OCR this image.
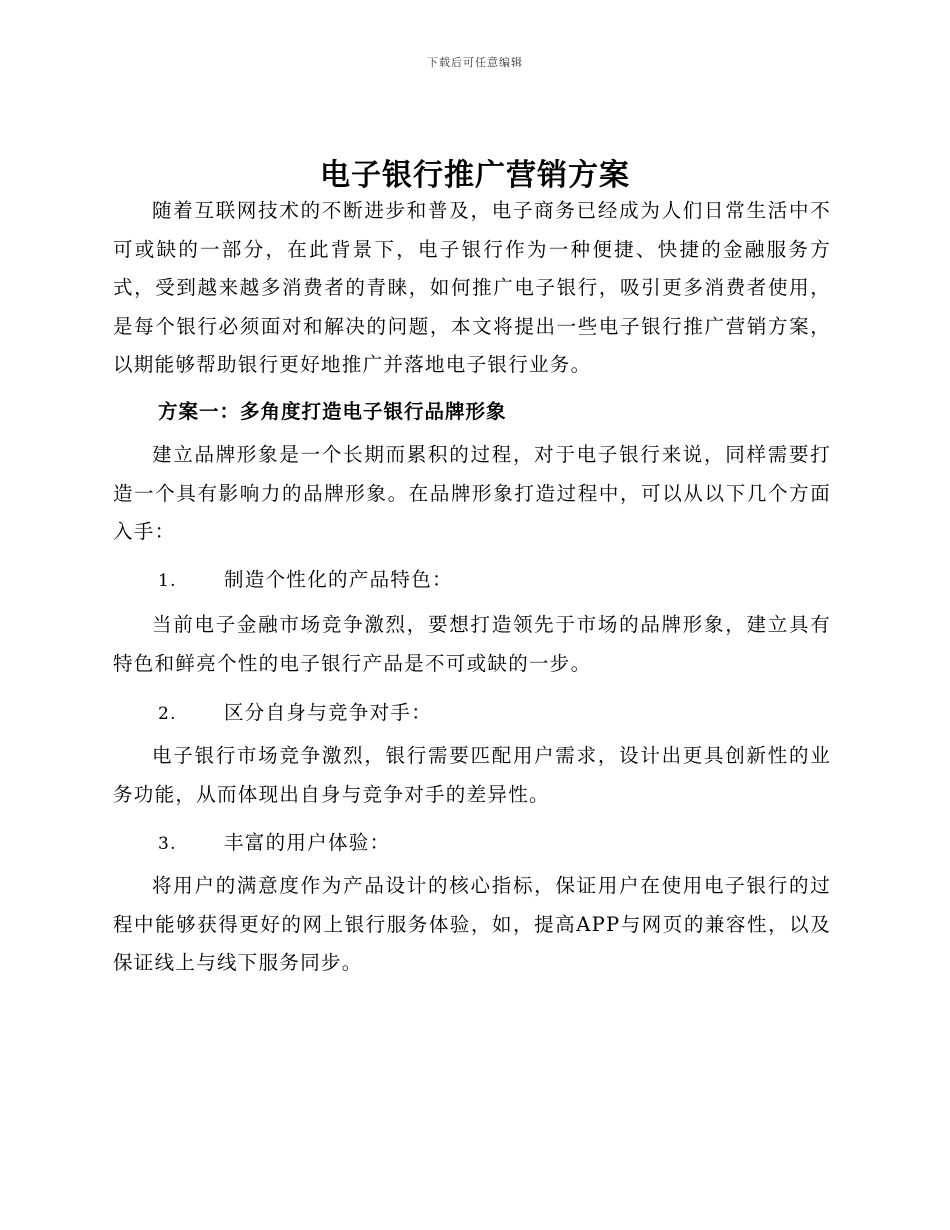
下载后可任意编辑
电子银行推广营销方案

随着互联网技术的不断进步和普及，电子商务已经成为人们日常生活中不可或缺的一部分，在此背景下，电子银行作为一种便捷、快捷的金融服务方式，受到越来越多消费者的青睐，如何推广电子银行，吸引更多消费者使用，是每个银行必须面对和解决的问题，本文将提出一些电子银行推广营销方案，以期能够帮助银行更好地推广并落地电子银行业务。

方案一：多角度打造电子银行品牌形象

建立品牌形象是一个长期而累积的过程，对于电子银行来说，同样需要打造一个具有影响力的品牌形象。在品牌形象打造过程中，可以从以下几个方面入手：

1. 制造个性化的产品特色：

当前电子金融市场竞争激烈，要想打造领先于市场的品牌形象，建立具有特色和鲜亮个性的电子银行产品是不可或缺的一步。

2. 区分自身与竞争对手：

电子银行市场竞争激烈，银行需要匹配用户需求，设计出更具创新性的业务功能，从而体现出自身与竞争对手的差异性。

3. 丰富的用户体验：

将用户的满意度作为产品设计的核心指标，保证用户在使用电子银行的过程中能够获得更好的网上银行服务体验，如，提高APP与网页的兼容性，以及保证线上与线下服务同步。
